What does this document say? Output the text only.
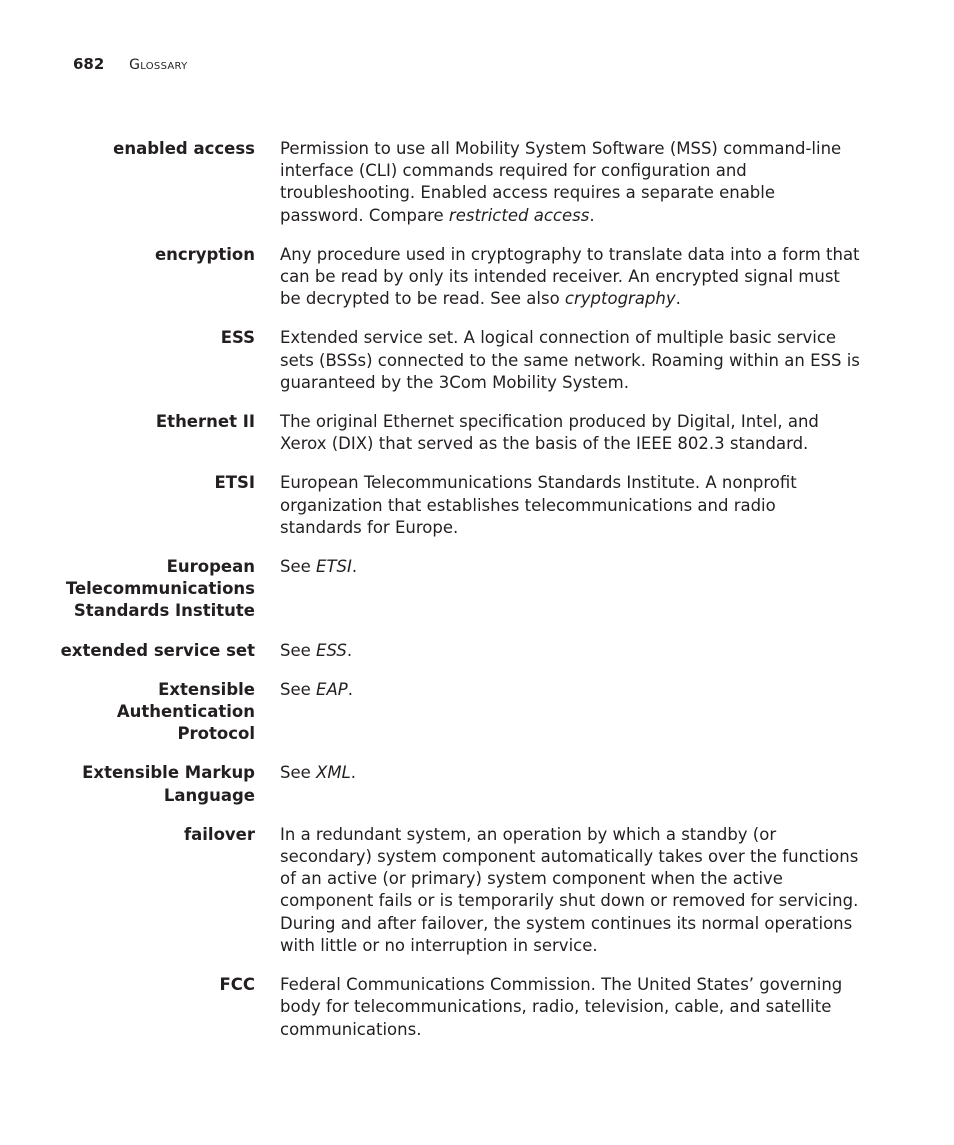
682 Glossary
enabled access Permission to use all Mobility System Software (MSS) command-line interface (CLI) commands required for configuration and troubleshooting. Enabled access requires a separate enable password. Compare restricted access.
encryption Any procedure used in cryptography to translate data into a form that can be read by only its intended receiver. An encrypted signal must be decrypted to be read. See also cryptography.
ESS Extended service set. A logical connection of multiple basic service sets (BSSs) connected to the same network. Roaming within an ESS is guaranteed by the 3Com Mobility System.
Ethernet II The original Ethernet specification produced by Digital, Intel, and Xerox (DIX) that served as the basis of the IEEE 802.3 standard.
ETSI European Telecommunications Standards Institute. A nonprofit organization that establishes telecommunications and radio standards for Europe.
European Telecommunications Standards Institute
See ETSI.
extended service set See ESS.
Extensible Authentication Protocol
See EAP.
Extensible Markup Language
See XML.
failover In a redundant system, an operation by which a standby (or secondary) system component automatically takes over the functions of an active (or primary) system component when the active component fails or is temporarily shut down or removed for servicing. During and after failover, the system continues its normal operations with little or no interruption in service.
FCC Federal Communications Commission. The United States’ governing body for telecommunications, radio, television, cable, and satellite communications.
